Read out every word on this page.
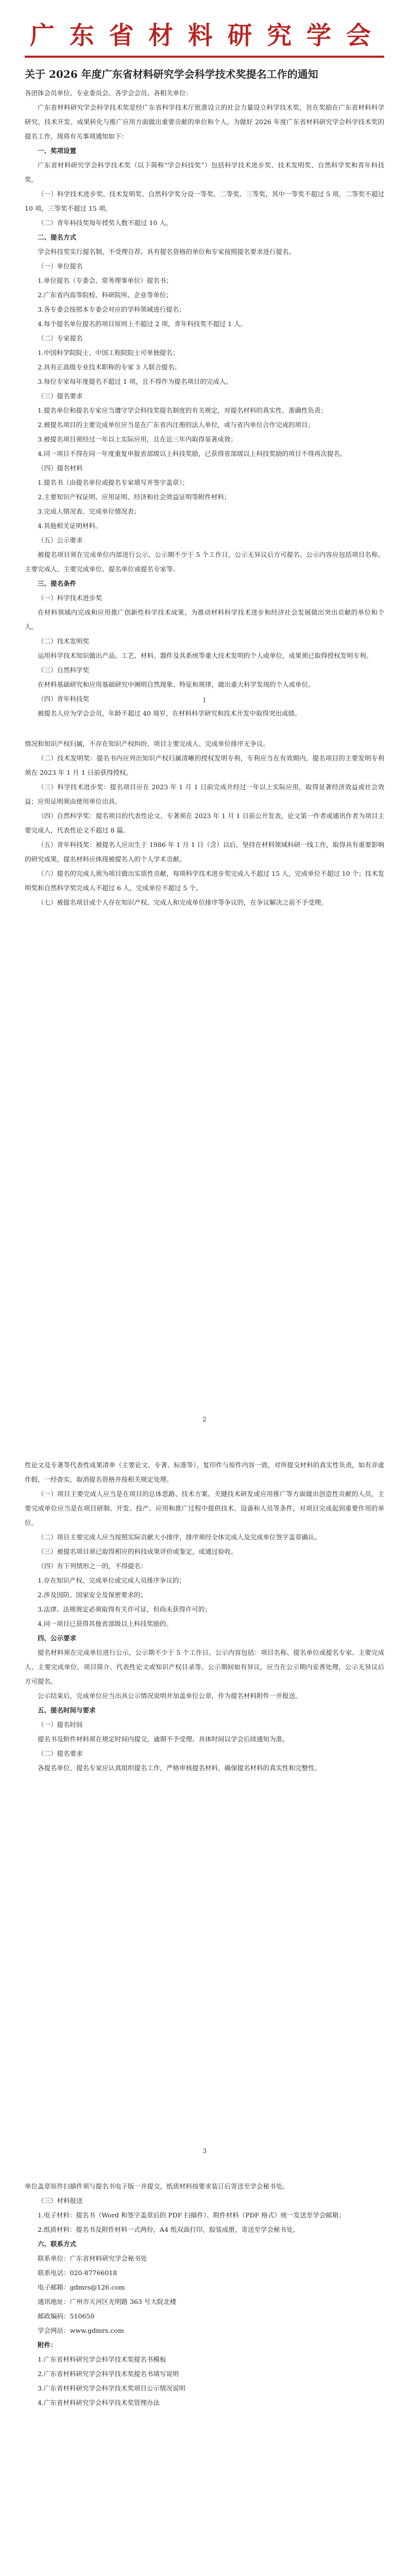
广 东 省 材 料 研 究 学 会
关于 2026 年度广东省材料研究学会科学技术奖提名工作的通知

各团体会员单位、专业委员会、各学会会员、各相关单位：

广东省材料研究学会科学技术奖是经广东省科学技术厅批准设立的社会力量设立科学技术奖，旨在奖励在广东省材料科学研究、技术开发、成果转化与推广应用方面做出重要贡献的单位和个人。为做好 2026 年度广东省材料研究学会科学技术奖的提名工作，现将有关事项通知如下：

一、奖项设置

广东省材料研究学会科学技术奖（以下简称“学会科技奖”）包括科学技术进步奖、技术发明奖、自然科学奖和青年科技奖。

（一）科学技术进步奖、技术发明奖、自然科学奖分设一等奖、二等奖、三等奖，其中一等奖不超过 5 项，二等奖不超过 10 项，三等奖不超过 15 项。

（二）青年科技奖每年授奖人数不超过 10 人。

二、提名方式

学会科技奖实行提名制，不受理自荐。具有提名资格的单位和专家按照提名要求进行提名。

（一）单位提名

1.单位提名（专委会、常务理事单位）提名书；

2.广东省内高等院校、科研院所、企业等单位；

3.各专委会按照本专委会对应的学科领域进行提名；

4.每个提名单位提名的项目原则上不超过 2 项，青年科技奖不超过 1 人。

（二）专家提名

1.中国科学院院士、中国工程院院士可单独提名；

2.具有正高级专业技术职称的专家 3 人联合提名；

3.每位专家每年度提名不超过 1 项，且不得作为提名项目的完成人。

（三）提名要求

1.提名单位和提名专家应当遵守学会科技奖提名制度的有关规定，对提名材料的真实性、准确性负责；

2.被提名项目的主要完成单位应当是在广东省内注册的法人单位，或与省内单位合作完成的项目；

3.被提名项目须经过一年以上实际应用，且在近三年内取得显著成效；

4.同一项目不得在同一年度重复申报省部级以上科技奖励，已获得省部级以上科技奖励的项目不得再次提名。

（四）提名材料

1.提名书（由提名单位或提名专家填写并签字盖章）；

2.主要知识产权证明、应用证明、经济和社会效益证明等附件材料；

3.完成人情况表、完成单位情况表；

4.其他相关证明材料。

（五）公示要求

被提名项目须在完成单位内部进行公示，公示期不少于 5 个工作日，公示无异议后方可提名。公示内容应包括项目名称、主要完成人、主要完成单位、提名单位或提名专家等。

三、提名条件

（一）科学技术进步奖

在材料领域内完成和应用推广创新性科学技术成果，为推动材料科学技术进步和经济社会发展做出突出贡献的单位和个人。

（二）技术发明奖

运用科学技术知识做出产品、工艺、材料、器件及其系统等重大技术发明的个人或单位，成果须已取得授权发明专利。

（三）自然科学奖

在材料基础研究和应用基础研究中阐明自然现象、特征和规律，做出重大科学发现的个人或单位。

（四）青年科技奖

被提名人应为学会会员，年龄不超过 40 周岁，在材料科学研究和技术开发中取得突出成绩。

1

情况和知识产权归属，不存在知识产权纠纷，项目主要完成人、完成单位排序无争议。

（二）技术发明奖：提名书内应列出知识产权归属清晰的授权发明专利，专利应当在有效期内，提名项目的主要发明专利须在 2023 年 1 月 1 日前获得授权。

（三）科学技术进步奖：提名项目应在 2023 年 1 月 1 日前完成并经过一年以上实际应用，取得显著经济效益或社会效益；应用证明须由使用单位出具。

（四）自然科学奖：提名项目的代表性论文、专著须在 2023 年 1 月 1 日前公开发表，论文第一作者或通讯作者为项目主要完成人，代表性论文不超过 8 篇。

（五）青年科技奖：被提名人应出生于 1986 年 1 月 1 日（含）以后，坚持在材料领域科研一线工作，取得具有重要影响的研究成果，提名材料应体现被提名人的个人学术贡献。

（六）提名的完成人须为项目做出实质性贡献，每项科学技术进步奖完成人不超过 15 人，完成单位不超过 10 个；技术发明奖和自然科学奖完成人不超过 6 人，完成单位不超过 5 个。

（七）被提名项目或个人存在知识产权、完成人和完成单位排序等争议的，在争议解决之前不予受理。

2

性论文及专著等代表性成果清单（主要论文、专著、标准等），复印件与原件内容一致，对所提交材料的真实性负责，如有弄虚作假，一经查实，取消提名资格并按相关规定处理。

（一）项目主要完成人应当是在项目的总体思路、技术方案、关键技术研发或应用推广等方面做出创造性贡献的人员，主要完成单位应当是在项目研制、开发、投产、应用和推广过程中提供技术、设备和人员等条件，对项目完成起到重要作用的单位。

（二）项目主要完成人应当按照实际贡献大小排序，排序须经全体完成人及完成单位签字盖章确认。

（三）被提名项目须已取得相应的科技成果评价或鉴定，或通过验收。

（四）有下列情形之一的，不得提名：

1.存在知识产权、完成单位或完成人员排序争议的；

2.涉及国防、国家安全及保密要求的；

3.法律、法规规定必须取得有关许可证，但尚未获得许可的；

4.同一项目已获得其他省部级以上科技奖励的。

四、公示要求

提名材料须在完成单位进行公示，公示期不少于 5 个工作日。公示内容包括：项目名称、提名单位或提名专家、主要完成人、主要完成单位、项目简介、代表性论文或知识产权目录等。公示期间如有异议，应当在公示期内妥善处理，公示无异议后方可提名。

公示结束后，完成单位应当出具公示情况说明并加盖单位公章，作为提名材料附件一并报送。

五、提名时间与要求

（一）提名时间

提名书及附件材料须在规定时间内提交，逾期不予受理。具体时间以学会后续通知为准。

（二）提名要求

各提名单位、提名专家应认真组织提名工作，严格审核提名材料，确保提名材料的真实性和完整性。

3

单位盖章原件扫描件须与提名书电子版一并提交，纸质材料按要求装订后寄送至学会秘书处。

（三）材料报送

1.电子材料：提名书（Word 和签字盖章后的 PDF 扫描件）、附件材料（PDF 格式）统一发送至学会邮箱；

2.纸质材料：提名书及附件材料一式两份，A4 纸双面打印，胶装成册，寄送至学会秘书处。

六、联系方式

联系单位：广东省材料研究学会秘书处

联系电话：020-87766018

电子邮箱：gdmrs@126.com

通讯地址：广州市天河区光明路 363 号大院北楼

邮政编码：510650

学会网站：www.gdmrs.com

附件：

1.广东省材料研究学会科学技术奖提名书模板

2.广东省材料研究学会科学技术奖提名书填写说明

3.广东省材料研究学会科学技术奖项目公示情况说明

4.广东省材料研究学会科学技术奖管理办法
